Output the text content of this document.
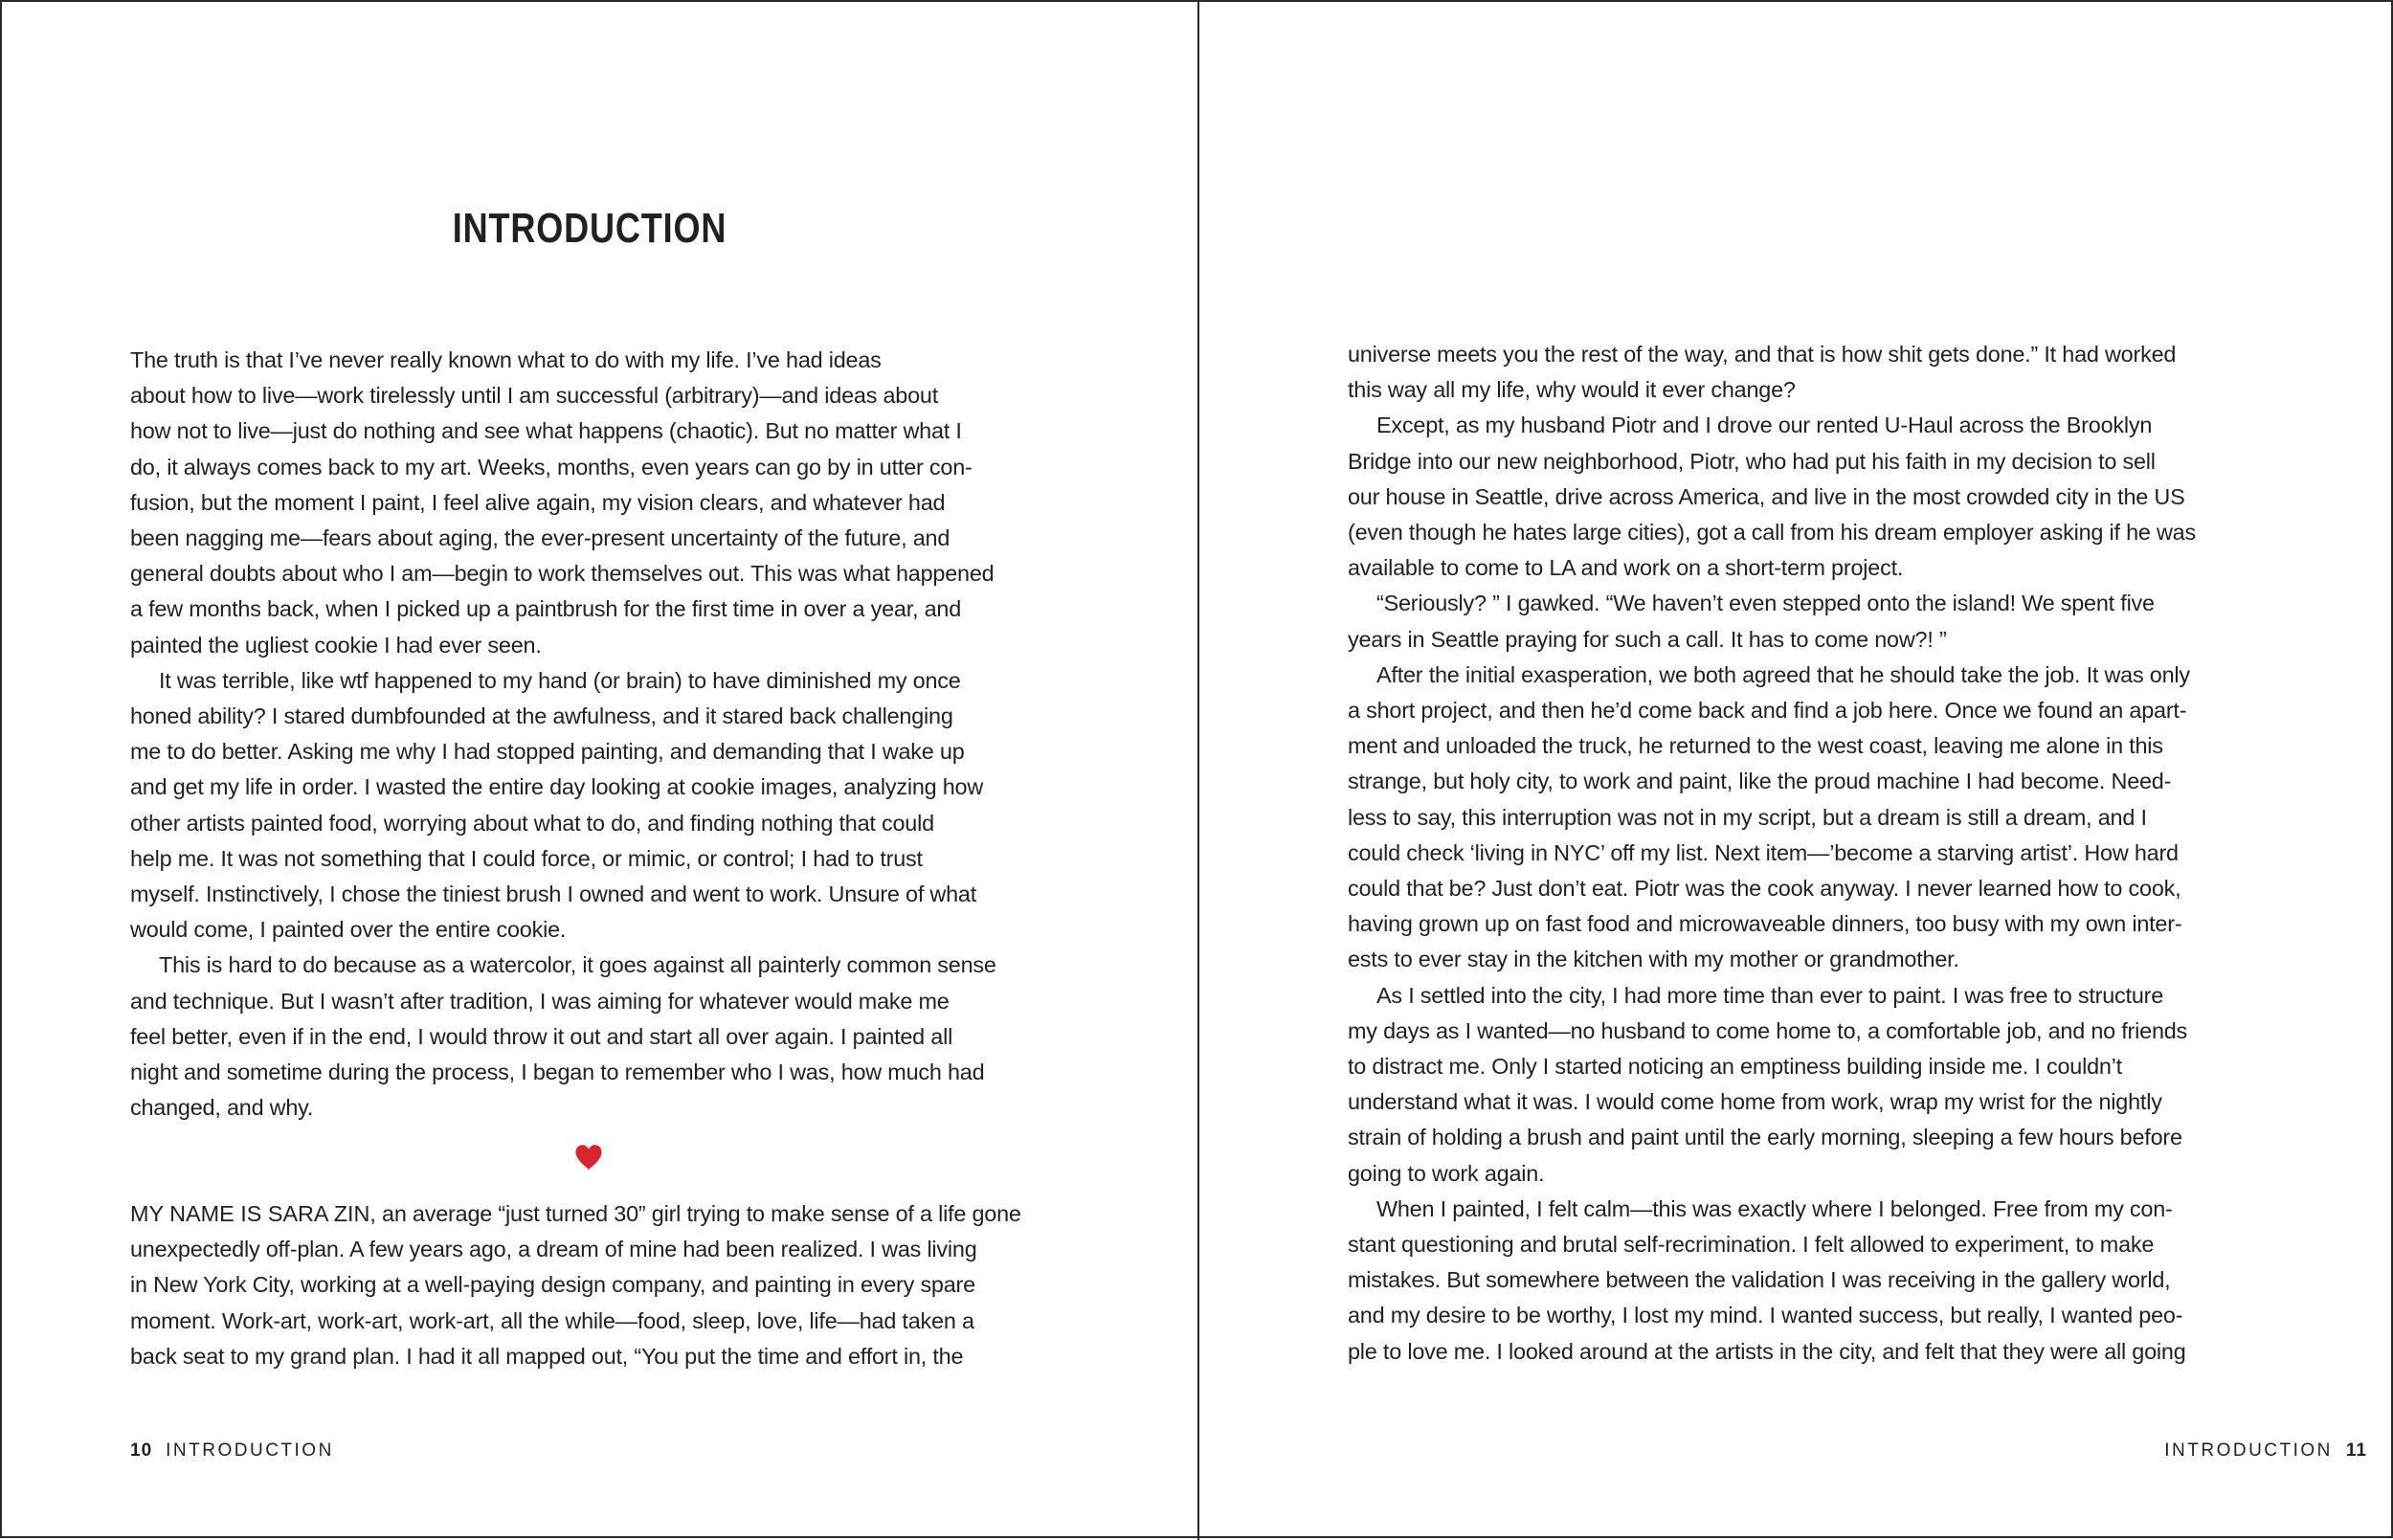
INTRODUCTION

The truth is that I’ve never really known what to do with my life. I’ve had ideas
about how to live—work tirelessly until I am successful (arbitrary)—and ideas about
how not to live—just do nothing and see what happens (chaotic). But no matter what I
do, it always comes back to my art. Weeks, months, even years can go by in utter con-
fusion, but the moment I paint, I feel alive again, my vision clears, and whatever had
been nagging me—fears about aging, the ever-present uncertainty of the future, and
general doubts about who I am—begin to work themselves out. This was what happened
a few months back, when I picked up a paintbrush for the first time in over a year, and
painted the ugliest cookie I had ever seen.

It was terrible, like wtf happened to my hand (or brain) to have diminished my once
honed ability? I stared dumbfounded at the awfulness, and it stared back challenging
me to do better. Asking me why I had stopped painting, and demanding that I wake up
and get my life in order. I wasted the entire day looking at cookie images, analyzing how
other artists painted food, worrying about what to do, and finding nothing that could
help me. It was not something that I could force, or mimic, or control; I had to trust
myself. Instinctively, I chose the tiniest brush I owned and went to work. Unsure of what
would come, I painted over the entire cookie.

This is hard to do because as a watercolor, it goes against all painterly common sense
and technique. But I wasn’t after tradition, I was aiming for whatever would make me
feel better, even if in the end, I would throw it out and start all over again. I painted all
night and sometime during the process, I began to remember who I was, how much had
changed, and why.

MY NAME IS SARA ZIN, an average “just turned 30” girl trying to make sense of a life gone
unexpectedly off-plan. A few years ago, a dream of mine had been realized. I was living
in New York City, working at a well-paying design company, and painting in every spare
moment. Work-art, work-art, work-art, all the while—food, sleep, love, life—had taken a
back seat to my grand plan. I had it all mapped out, “You put the time and effort in, the

10 INTRODUCTION

universe meets you the rest of the way, and that is how shit gets done.” It had worked
this way all my life, why would it ever change?

Except, as my husband Piotr and I drove our rented U-Haul across the Brooklyn
Bridge into our new neighborhood, Piotr, who had put his faith in my decision to sell
our house in Seattle, drive across America, and live in the most crowded city in the US
(even though he hates large cities), got a call from his dream employer asking if he was
available to come to LA and work on a short-term project.

“Seriously? ” I gawked. “We haven’t even stepped onto the island! We spent five
years in Seattle praying for such a call. It has to come now?! ”

After the initial exasperation, we both agreed that he should take the job. It was only
a short project, and then he’d come back and find a job here. Once we found an apart-
ment and unloaded the truck, he returned to the west coast, leaving me alone in this
strange, but holy city, to work and paint, like the proud machine I had become. Need-
less to say, this interruption was not in my script, but a dream is still a dream, and I
could check ‘living in NYC’ off my list. Next item—’become a starving artist’. How hard
could that be? Just don’t eat. Piotr was the cook anyway. I never learned how to cook,
having grown up on fast food and microwaveable dinners, too busy with my own inter-
ests to ever stay in the kitchen with my mother or grandmother.

As I settled into the city, I had more time than ever to paint. I was free to structure
my days as I wanted—no husband to come home to, a comfortable job, and no friends
to distract me. Only I started noticing an emptiness building inside me. I couldn’t
understand what it was. I would come home from work, wrap my wrist for the nightly
strain of holding a brush and paint until the early morning, sleeping a few hours before
going to work again.

When I painted, I felt calm—this was exactly where I belonged. Free from my con-
stant questioning and brutal self-recrimination. I felt allowed to experiment, to make
mistakes. But somewhere between the validation I was receiving in the gallery world,
and my desire to be worthy, I lost my mind. I wanted success, but really, I wanted peo-
ple to love me. I looked around at the artists in the city, and felt that they were all going

INTRODUCTION 11
